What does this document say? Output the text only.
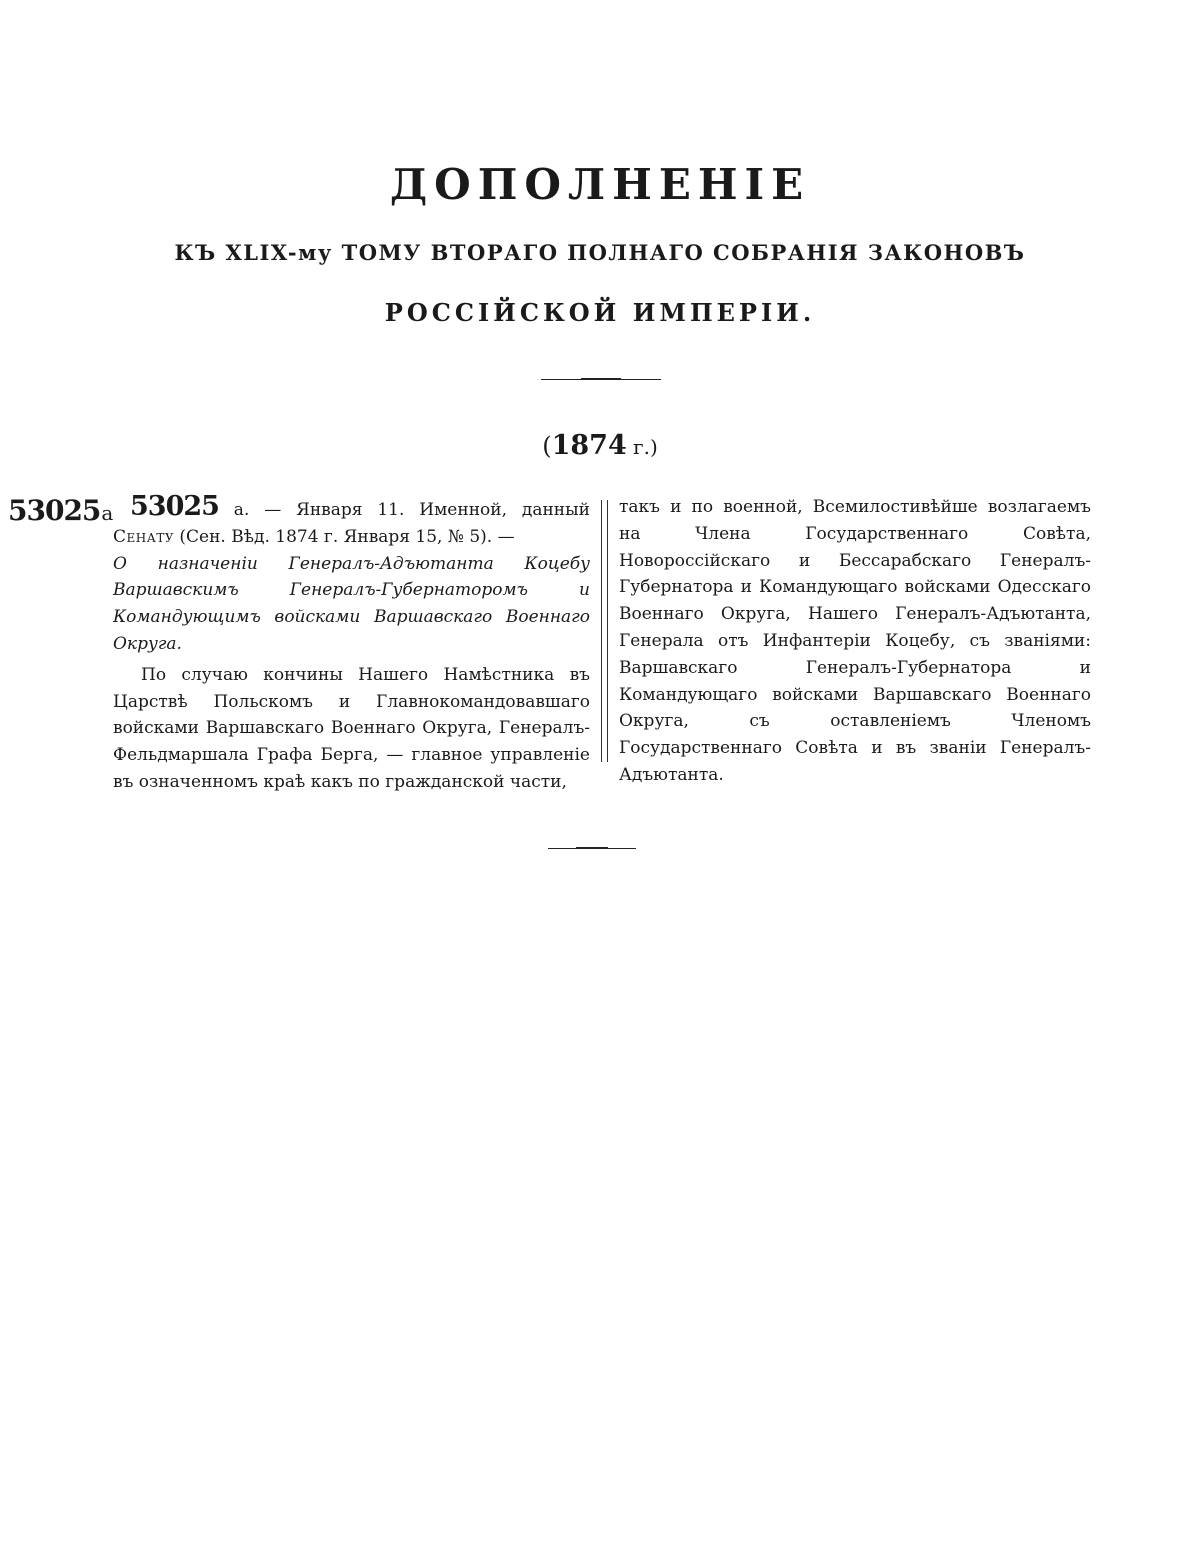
ДОПОЛНЕНІЕ
КЪ XLIX-му ТОМУ ВТОРАГО ПОЛНАГО СОБРАНІЯ ЗАКОНОВЪ
РОССІЙСКОЙ ИМПЕРІИ.

(1874 г.)

53025а 53025 а. — Января 11. Именной, данный Сенату (Сен. Вѣд. 1874 г. Января 15, № 5). —

О назначеніи Генералъ-Адъютанта Коцебу Варшавскимъ Генералъ-Губернаторомъ и Командующимъ войсками Варшавскаго Военнаго Округа.

По случаю кончины Нашего Намѣстника въ Царствѣ Польскомъ и Главнокомандовавшаго войсками Варшавскаго Военнаго Округа, Генералъ-Фельдмаршала Графа Берга, — главное управленіе въ означенномъ краѣ какъ по гражданской части,

такъ и по военной, Всемилостивѣйше возлагаемъ на Члена Государственнаго Совѣта, Новороссійскаго и Бессарабскаго Генералъ-Губернатора и Командующаго войсками Одесскаго Военнаго Округа, Нашего Генералъ-Адъютанта, Генерала отъ Инфантеріи Коцебу, съ званіями: Варшавскаго Генералъ-Губернатора и Командующаго войсками Варшавскаго Военнаго Округа, съ оставленіемъ Членомъ Государственнаго Совѣта и въ званіи Генералъ-Адъютанта.
